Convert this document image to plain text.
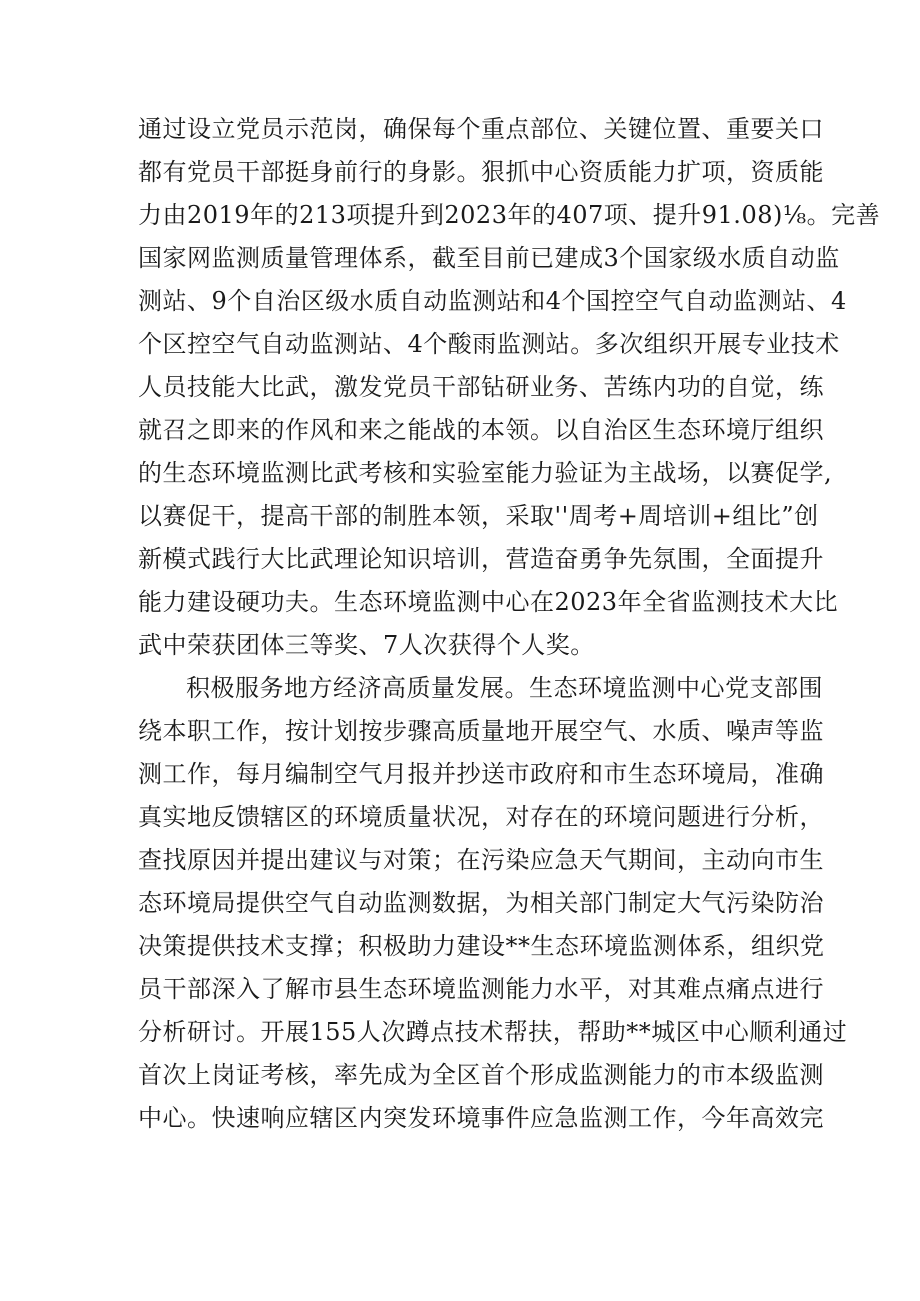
通过设立党员示范岗，确保每个重点部位、关键位置、重要关口
都有党员干部挺身前行的身影。狠抓中心资质能力扩项，资质能
力由2019年的213项提升到2023年的407项、提升91.08)⅛。完善
国家网监测质量管理体系，截至目前已建成3个国家级水质自动监
测站、9个自治区级水质自动监测站和4个国控空气自动监测站、4
个区控空气自动监测站、4个酸雨监测站。多次组织开展专业技术
人员技能大比武，激发党员干部钻研业务、苦练内功的自觉，练
就召之即来的作风和来之能战的本领。以自治区生态环境厅组织
的生态环境监测比武考核和实验室能力验证为主战场，以赛促学,
以赛促干，提高干部的制胜本领，采取''周考+周培训+组比”创
新模式践行大比武理论知识培训，营造奋勇争先氛围，全面提升
能力建设硬功夫。生态环境监测中心在2023年全省监测技术大比
武中荣获团体三等奖、7人次获得个人奖。
积极服务地方经济高质量发展。生态环境监测中心党支部围
绕本职工作，按计划按步骤高质量地开展空气、水质、噪声等监
测工作，每月编制空气月报并抄送市政府和市生态环境局，准确
真实地反馈辖区的环境质量状况，对存在的环境问题进行分析，
查找原因并提出建议与对策；在污染应急天气期间，主动向市生
态环境局提供空气自动监测数据，为相关部门制定大气污染防治
决策提供技术支撑；积极助力建设**生态环境监测体系，组织党
员干部深入了解市县生态环境监测能力水平，对其难点痛点进行
分析研讨。开展155人次蹲点技术帮扶，帮助**城区中心顺利通过
首次上岗证考核，率先成为全区首个形成监测能力的市本级监测
中心。快速响应辖区内突发环境事件应急监测工作，今年高效完
